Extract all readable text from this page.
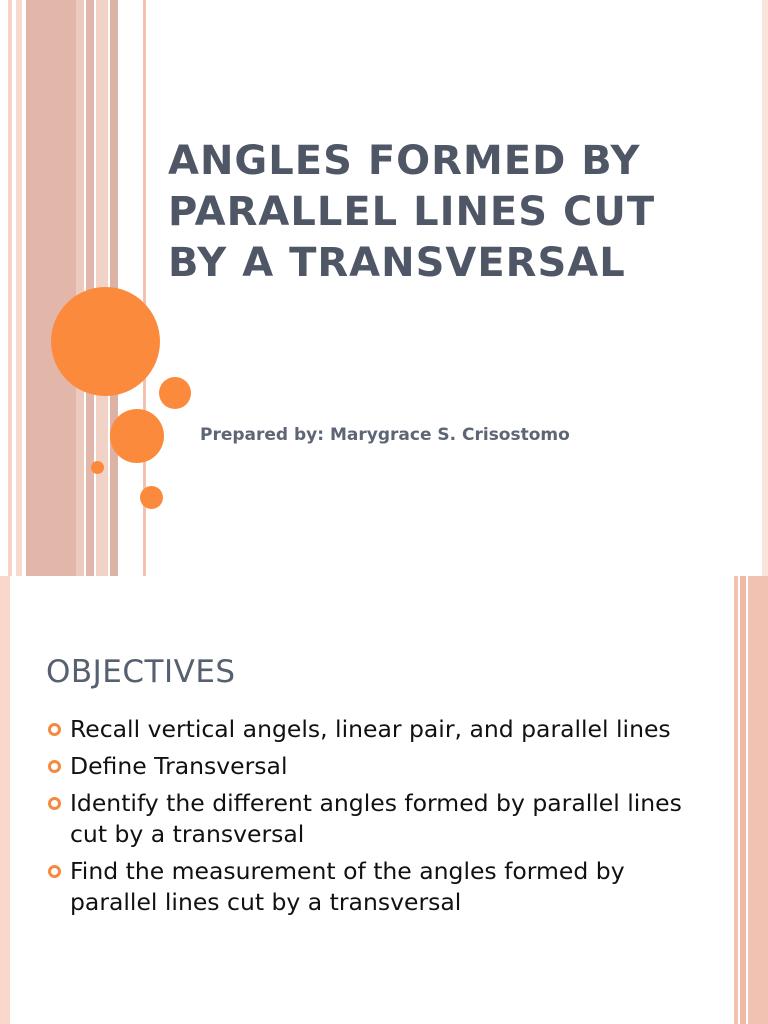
ANGLES FORMED BY PARALLEL LINES CUT BY A TRANSVERSAL
Prepared by: Marygrace S. Crisostomo
OBJECTIVES
Recall vertical angels, linear pair, and parallel lines
Define Transversal
Identify the different angles formed by parallel lines cut by a transversal
Find the measurement of the angles formed by parallel lines cut by a transversal
